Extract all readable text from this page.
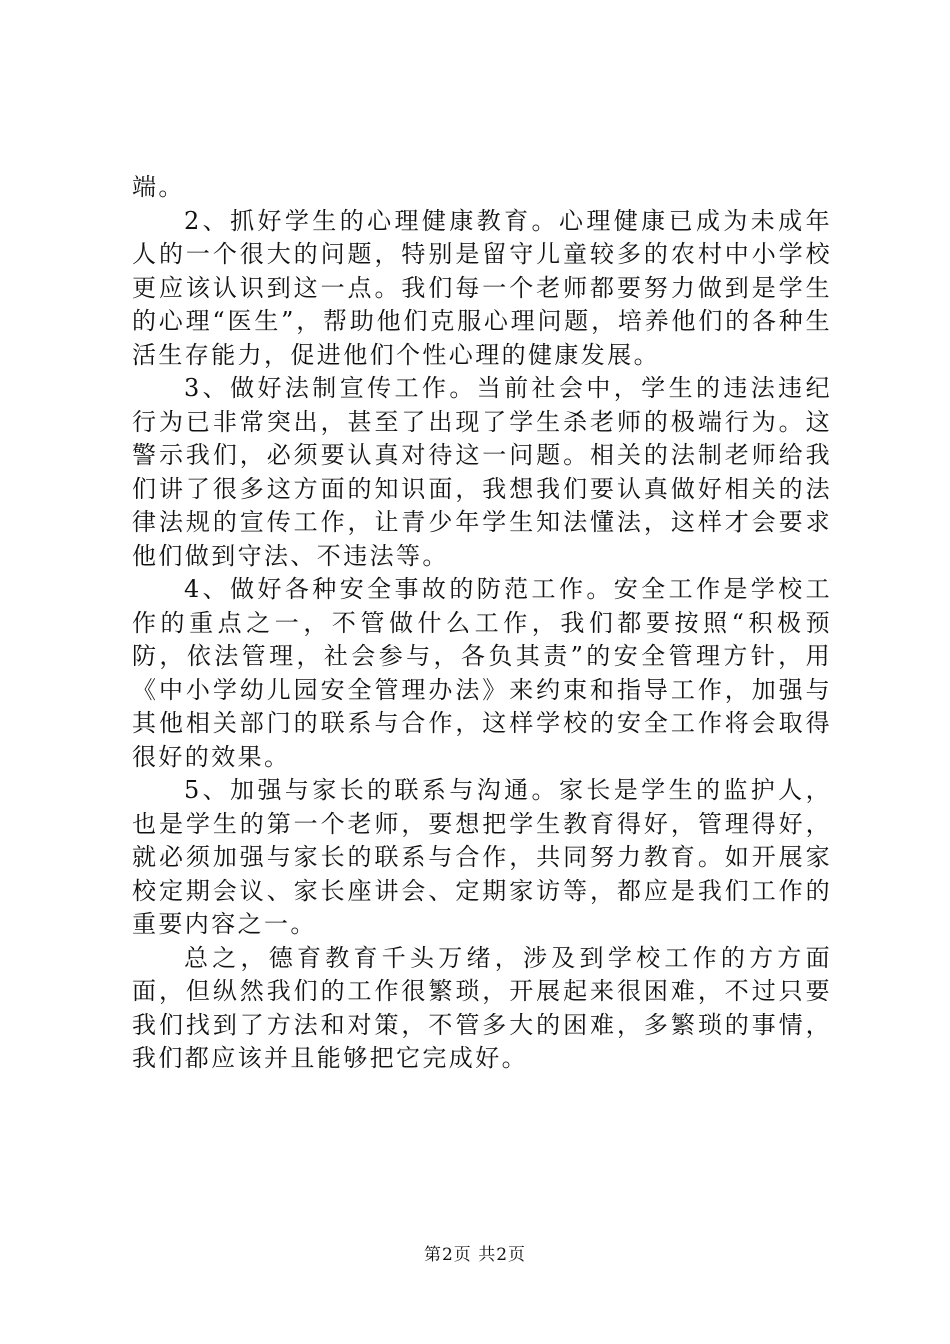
端。

2、抓好学生的心理健康教育。心理健康已成为未成年人的一个很大的问题，特别是留守儿童较多的农村中小学校更应该认识到这一点。我们每一个老师都要努力做到是学生的心理“医生”，帮助他们克服心理问题，培养他们的各种生活生存能力，促进他们个性心理的健康发展。

3、做好法制宣传工作。当前社会中，学生的违法违纪行为已非常突出，甚至了出现了学生杀老师的极端行为。这警示我们，必须要认真对待这一问题。相关的法制老师给我们讲了很多这方面的知识面，我想我们要认真做好相关的法律法规的宣传工作，让青少年学生知法懂法，这样才会要求他们做到守法、不违法等。

4、做好各种安全事故的防范工作。安全工作是学校工作的重点之一，不管做什么工作，我们都要按照“积极预防，依法管理，社会参与，各负其责”的安全管理方针，用《中小学幼儿园安全管理办法》来约束和指导工作，加强与其他相关部门的联系与合作，这样学校的安全工作将会取得很好的效果。

5、加强与家长的联系与沟通。家长是学生的监护人，也是学生的第一个老师，要想把学生教育得好，管理得好，就必须加强与家长的联系与合作，共同努力教育。如开展家校定期会议、家长座讲会、定期家访等，都应是我们工作的重要内容之一。

总之，德育教育千头万绪，涉及到学校工作的方方面面，但纵然我们的工作很繁琐，开展起来很困难，不过只要我们找到了方法和对策，不管多大的困难，多繁琐的事情，我们都应该并且能够把它完成好。

第2页 共2页
